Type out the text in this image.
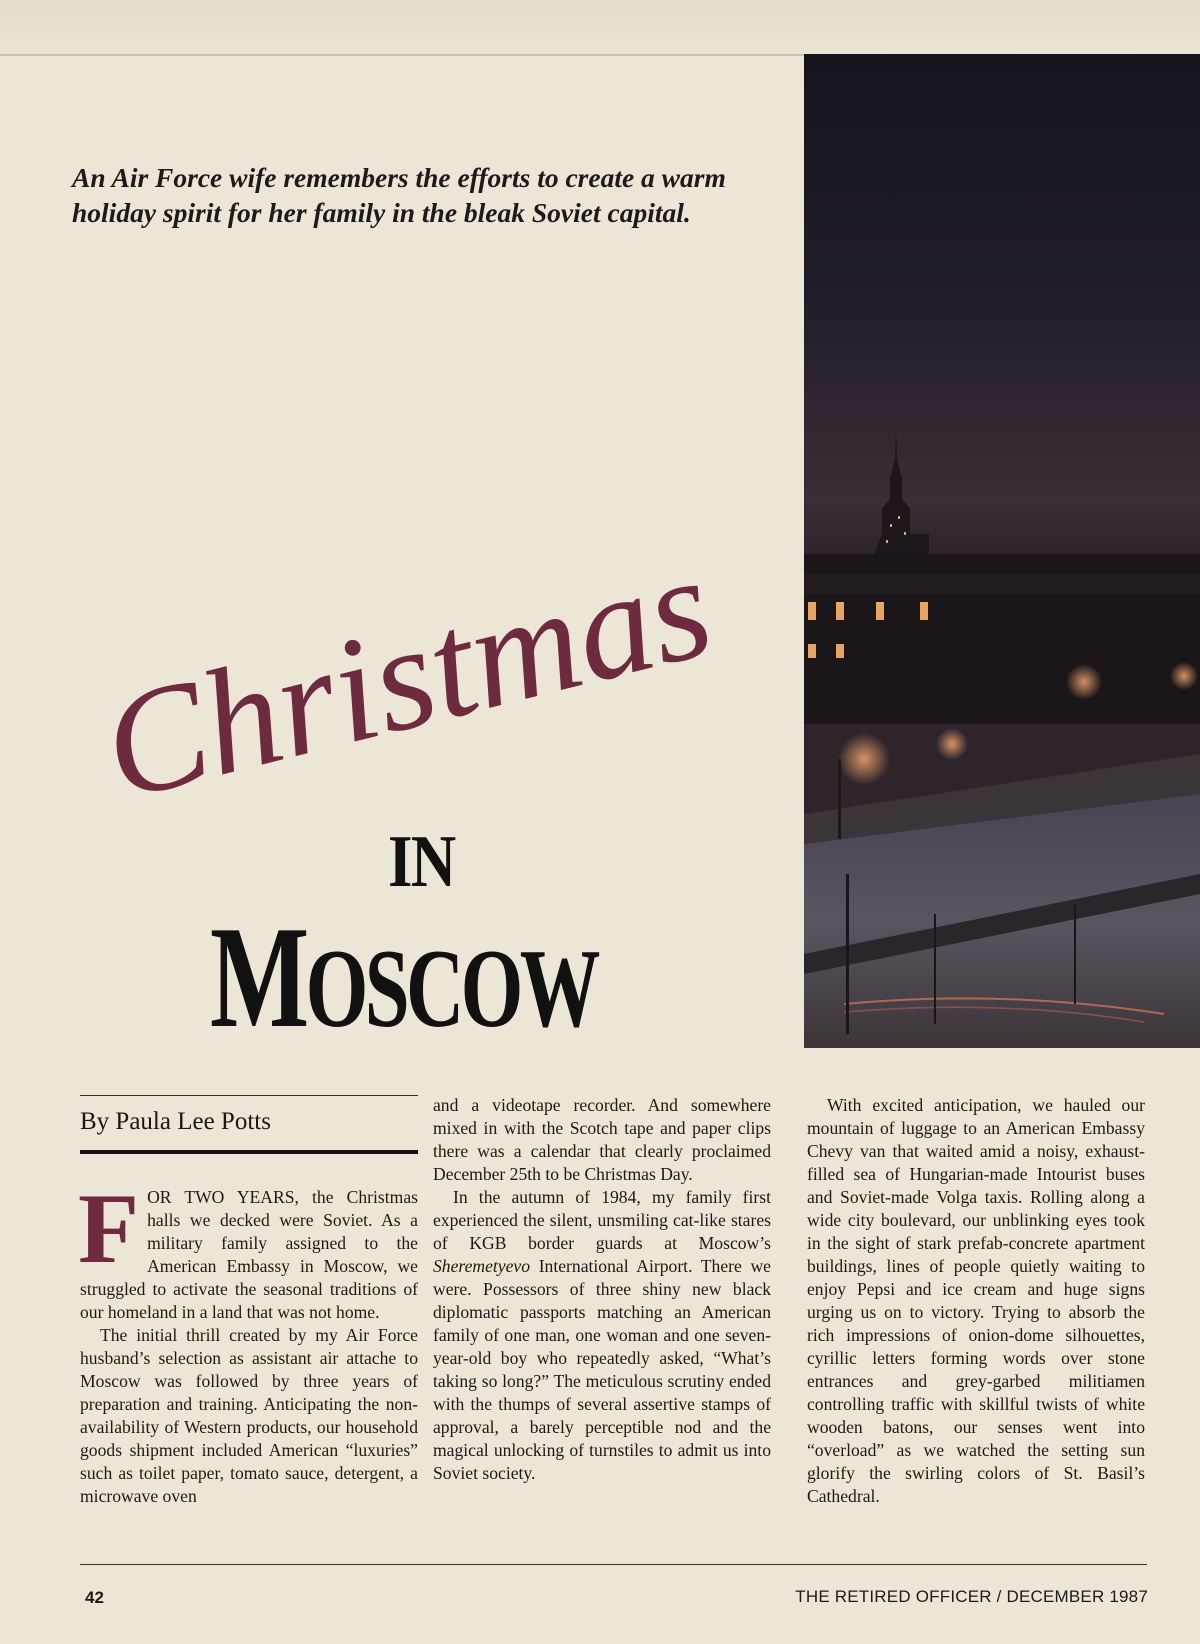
An Air Force wife remembers the efforts to create a warm holiday spirit for her family in the bleak Soviet capital.

Christmas
IN
MOSCOW
By Paula Lee Potts

FOR TWO YEARS, the Christmas halls we decked were Soviet. As a military family assigned to the American Embassy in Moscow, we struggled to activate the seasonal traditions of our homeland in a land that was not home.

The initial thrill created by my Air Force husband’s selection as assistant air attache to Moscow was followed by three years of preparation and training. Anticipating the non-availability of Western products, our household goods shipment included American “luxuries” such as toilet paper, tomato sauce, detergent, a microwave oven

and a videotape recorder. And somewhere mixed in with the Scotch tape and paper clips there was a calendar that clearly proclaimed December 25th to be Christmas Day.

In the autumn of 1984, my family first experienced the silent, unsmiling cat-like stares of KGB border guards at Moscow’s Sheremetyevo International Airport. There we were. Possessors of three shiny new black diplomatic passports matching an American family of one man, one woman and one seven-year-old boy who repeatedly asked, “What’s taking so long?” The meticulous scrutiny ended with the thumps of several assertive stamps of approval, a barely perceptible nod and the magical unlocking of turnstiles to admit us into Soviet society.

With excited anticipation, we hauled our mountain of luggage to an American Embassy Chevy van that waited amid a noisy, exhaust-filled sea of Hungarian-made Intourist buses and Soviet-made Volga taxis. Rolling along a wide city boulevard, our unblinking eyes took in the sight of stark prefab-concrete apartment buildings, lines of people quietly waiting to enjoy Pepsi and ice cream and huge signs urging us on to victory. Trying to absorb the rich impressions of onion-dome silhouettes, cyrillic letters forming words over stone entrances and grey-garbed militiamen controlling traffic with skillful twists of white wooden batons, our senses went into “overload” as we watched the setting sun glorify the swirling colors of St. Basil’s Cathedral.

42	THE RETIRED OFFICER / DECEMBER 1987
